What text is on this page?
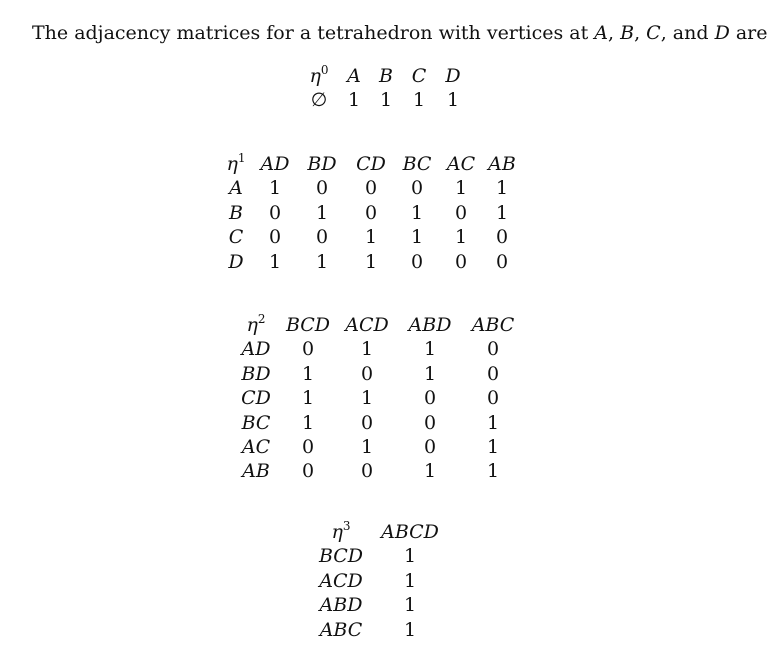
The adjacency matrices for a tetrahedron with vertices at A, B, C, and D are
$\eta^0$	A	B	C	D
∅	1	1	1	1
$\eta^1$	AD	BD	CD	BC	AC	AB
A	1	0	0	0	1	1
B	0	1	0	1	0	1
C	0	0	1	1	1	0
D	1	1	1	0	0	0
$\eta^2$	BCD	ACD	ABD	ABC
AD	0	1	1	0
BD	1	0	1	0
CD	1	1	0	0
BC	1	0	0	1
AC	0	1	0	1
AB	0	0	1	1
$\eta^3$	ABCD
BCD	1
ACD	1
ABD	1
ABC	1
